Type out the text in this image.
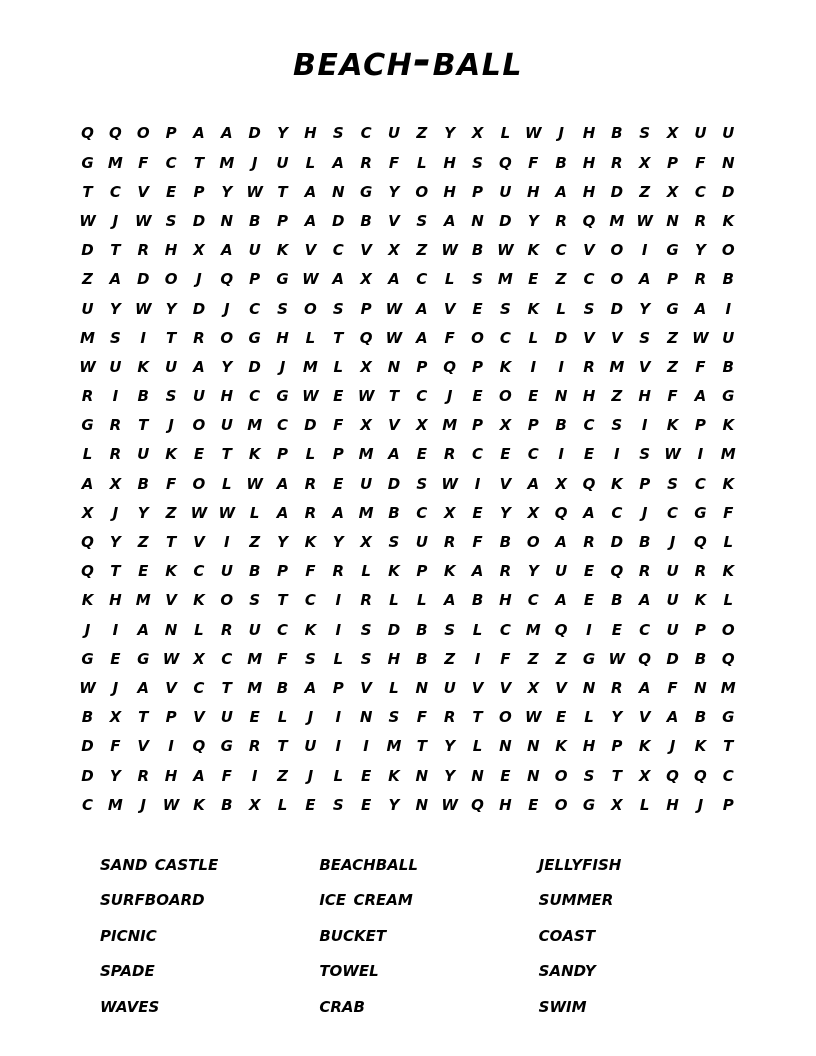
beach-ball
Q	Q	O	P	A	A	D	Y	H	S	C	U	Z	Y	X	L W	J	H	B	S	X	U	U
G M	F	C	T	M	J	U	L	A	R	F	L	H	S	Q	F	B	H	R	X	P	F	N
T	C	V	E	P	Y W T	A	N	G	Y	O	H	P	U	H	A	H	D	Z	X	C	D
W	J	W S	D	N	B	P	A	D	B	V	S	A	N	D	Y	R	Q M W N	R	K
D	T	R	H	X	A	U	K	V	C	V	X	Z W B W K	C	V	O	I	G	Y	O
Z	A	D	O	J	Q	P	G W A	X	A	C	L	S M	E	Z	C	O	A	P	R	B
U	Y W Y	D	J	C	S	O	S	P W A	V	E	S	K	L	S	D	Y	G	A	I
M S	I	T	R	O	G	H	L	T	Q W A	F	O	C	L	D	V	V	S	Z W U
W U	K	U	A	Y	D	J	M	L	X	N	P	Q	P	K	I	I	R M V	Z	F	B
R	I	B	S	U	H	C	G W E W T	C	J	E	O	E	N	H	Z	H	F	A	G
G	R	T	J	O	U M C	D	F	X	V	X M P	X	P	B	C	S	I	K	P	K
L	R	U	K	E	T	K	P	L	P M A	E	R	C	E	C	I	E	I	S W	I	M
A	X	B	F	O	L W A	R	E	U	D	S W	I	V	A	X	Q	K	P	S	C	K
X	J	Y	Z W W L	A	R	A M B	C	X	E	Y	X	Q	A	C	J	C	G	F
Q	Y	Z	T	V	I	Z	Y	K	Y	X	S	U	R	F	B	O	A	R	D	B	J	Q	L
Q	T	E	K	C	U	B	P	F	R	L	K	P	K	A	R	Y	U	E	Q	R	U	R	K
K	H M V	K	O	S	T	C	I	R	L	L	A	B	H	C	A	E	B	A	U	K	L
J	I	A	N	L	R	U	C	K	I	S	D	B	S	L	C M Q	I	E	C	U	P	O
G	E	G W X	C M	F	S	L	S	H	B	Z	I	F	Z	Z	G W Q	D	B	Q
W	J	A	V	C	T	M B	A	P	V	L	N	U	V	V	X	V	N	R	A	F	N M
B	X	T	P	V	U	E	L	J	I	N	S	F	R	T	O W E	L	Y	V	A	B	G
D	F	V	I	Q	G	R	T	U	I	I	M	T	Y	L	N	N	K	H	P	K	J	K	T
D	Y	R	H	A	F	I	Z	J	L	E	K	N	Y	N	E	N	O	S	T	X	Q	Q	C
C M	J	W K	B	X	L	E	S	E	Y	N W Q	H	E	O	G	X	L	H	J	P
sand castle
surfboard
picnic
spade
waves
beachball
ice cream
bucket
towel
crab
jellyfish
summer
coast
sandy
swim
